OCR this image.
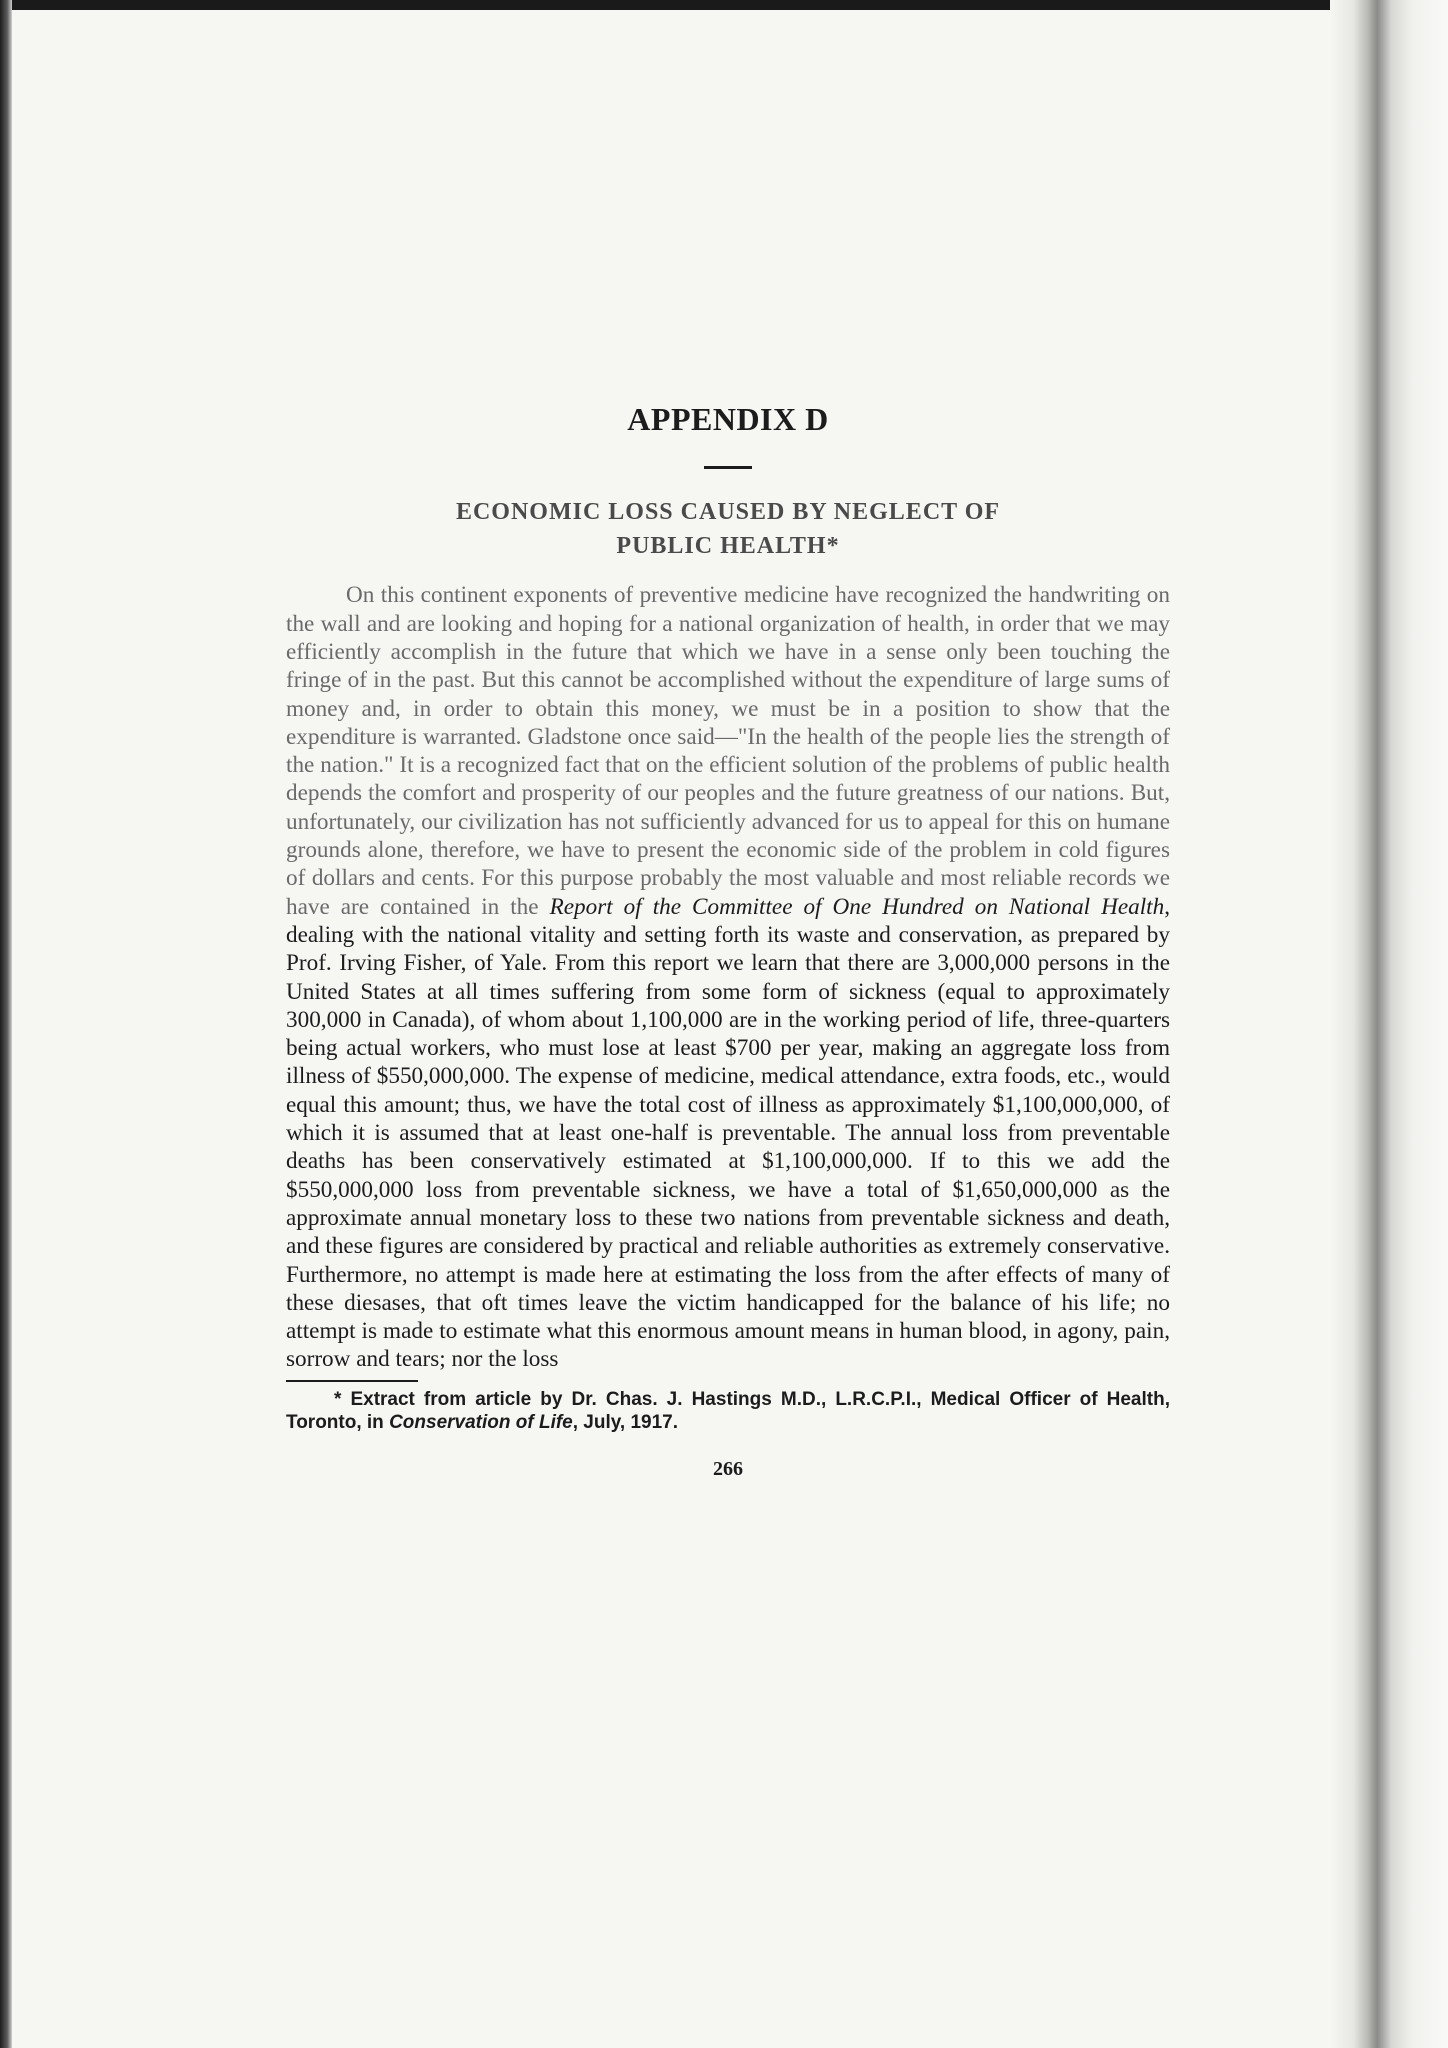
APPENDIX D
ECONOMIC LOSS CAUSED BY NEGLECT OF
PUBLIC HEALTH*

On this continent exponents of preventive medicine have recognized the handwriting on the wall and are looking and hoping for a national organization of health, in order that we may efficiently accomplish in the future that which we have in a sense only been touching the fringe of in the past. But this cannot be accomplished without the expenditure of large sums of money and, in order to obtain this money, we must be in a position to show that the expenditure is warranted. Gladstone once said—"In the health of the people lies the strength of the nation." It is a recognized fact that on the efficient solution of the problems of public health depends the comfort and prosperity of our peoples and the future greatness of our nations. But, unfortunately, our civilization has not sufficiently advanced for us to appeal for this on humane grounds alone, therefore, we have to present the economic side of the problem in cold figures of dollars and cents. For this purpose probably the most valuable and most reliable records we have are contained in the Report of the Committee of One Hundred on National Health, dealing with the national vitality and setting forth its waste and conservation, as prepared by Prof. Irving Fisher, of Yale. From this report we learn that there are 3,000,000 persons in the United States at all times suffering from some form of sickness (equal to approximately 300,000 in Canada), of whom about 1,100,000 are in the working period of life, three-quarters being actual workers, who must lose at least $700 per year, making an aggregate loss from illness of $550,000,000. The expense of medicine, medical attendance, extra foods, etc., would equal this amount; thus, we have the total cost of illness as approximately $1,100,000,000, of which it is assumed that at least one-half is preventable. The annual loss from preventable deaths has been conservatively estimated at $1,100,000,000. If to this we add the $550,000,000 loss from preventable sickness, we have a total of $1,650,000,000 as the approximate annual monetary loss to these two nations from preventable sickness and death, and these figures are considered by practical and reliable authorities as extremely conservative. Furthermore, no attempt is made here at estimating the loss from the after effects of many of these diesases, that oft times leave the victim handicapped for the balance of his life; no attempt is made to estimate what this enormous amount means in human blood, in agony, pain, sorrow and tears; nor the loss

* Extract from article by Dr. Chas. J. Hastings M.D., L.R.C.P.I., Medical Officer of Health, Toronto, in Conservation of Life, July, 1917.

266
